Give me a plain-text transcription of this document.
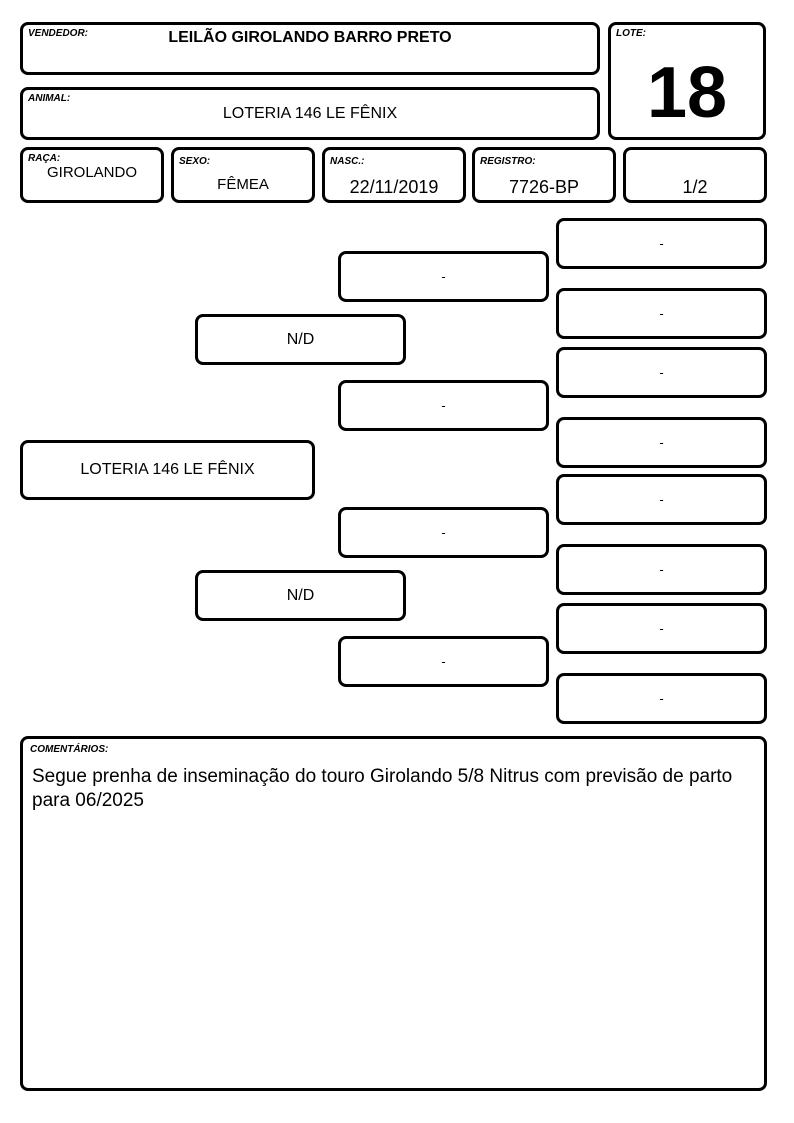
VENDEDOR:	LEILÃO GIROLANDO BARRO PRETO	LOTE:
18
ANIMAL:
LOTERIA 146 LE FÊNIX
RAÇA:
GIROLANDO
SEXO:
FÊMEA
NASC.:
22/11/2019
REGISTRO:
7726-BP	1/2
LOTERIA 146 LE FÊNIX
N/D
N/D
-
-
-
-
-
-
-
-
-
-
-
-
COMENTÁRIOS:
Segue prenha de inseminação do touro Girolando 5/8 Nitrus com previsão de parto para 06/2025
